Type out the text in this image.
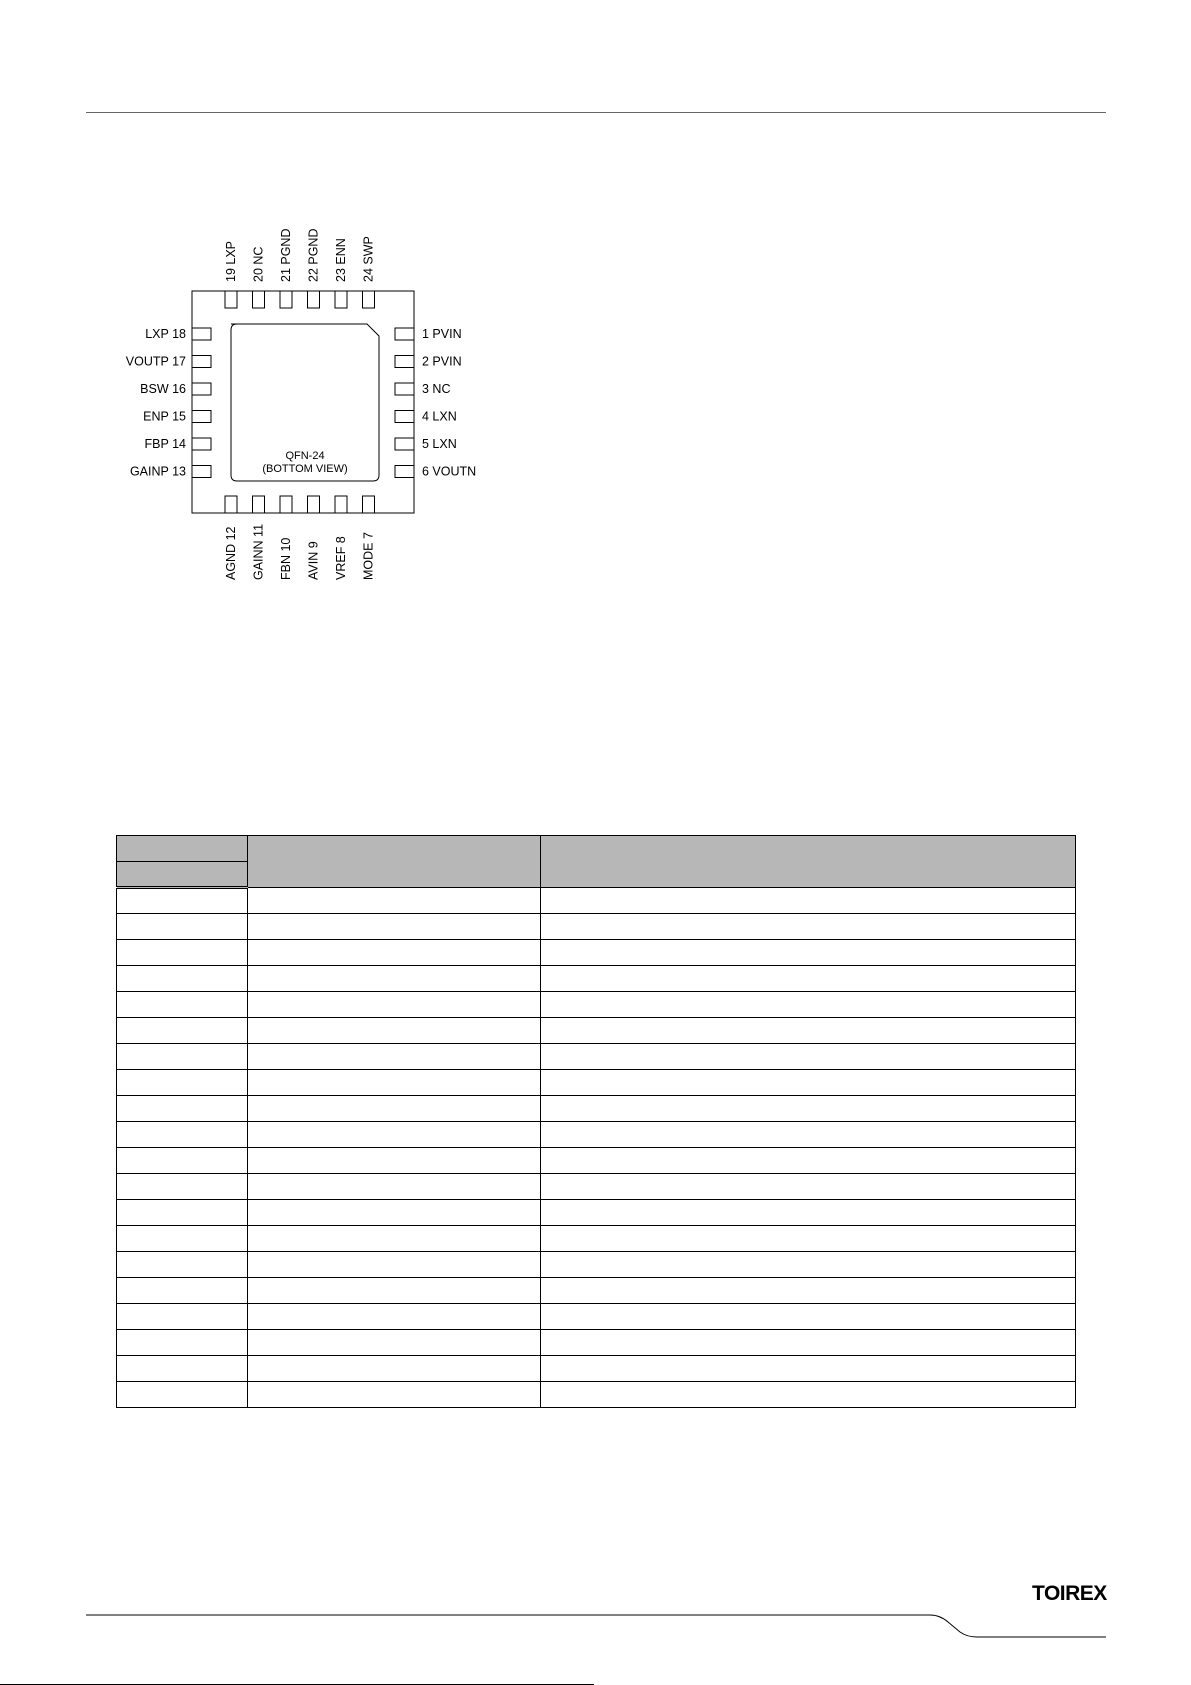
QFN-24
(BOTTOM VIEW)
19 LXP 20 NC 21 PGND 22 PGND 23 ENN 24 SWP
AGND 12 GAINN 11 FBN 10 AVIN 9 VREF 8 MODE 7
LXP 18
VOUTP 17
BSW 16
ENP 15
FBP 14
GAINP 13
1 PVIN
2 PVIN
3 NC
4 LXN
5 LXN
6 VOUTN

TOIREX
